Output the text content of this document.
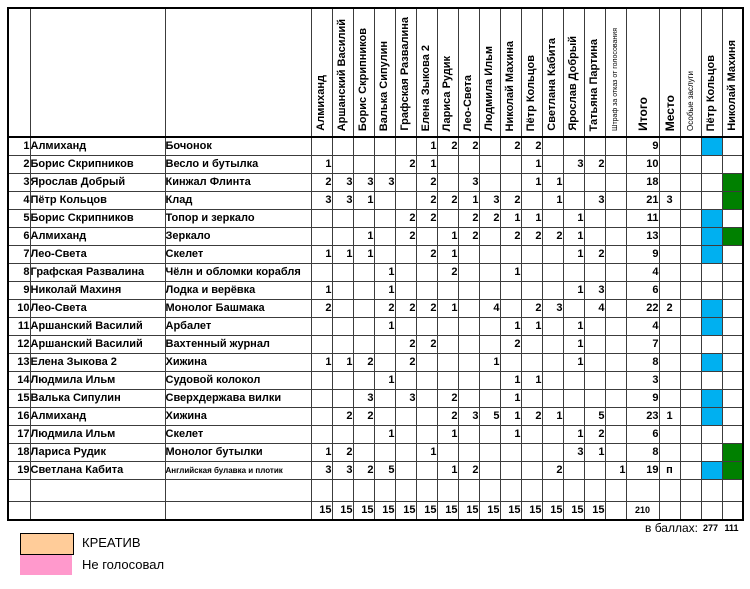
			Алмиханд	Аршанский Василий	Борис Скрипников	Валька Сипулин	Графская Развалина	Елена Зыкова 2	Лариса Рудик	Лео-Света	Людмила Ильм	Николай Махина	Пётр Кольцов	Светлана Кабита	Ярослав Добрый	Татьяна Партина	Штраф за отказ от голосования	Итого	Место	Особые заслуги	Пётр Кольцов	Николай Махиня
1	Алмиханд	Бочонок						1	2	2		2	2					9				
2	Борис Скрипников	Весло и бутылка	1				2	1					1		3	2		10				
3	Ярослав Добрый	Кинжал Флинта	2	3	3	3		2		3			1	1				18				
4	Пётр Кольцов	Клад	3	3	1			2	2	1	3	2		1		3		21	3			
5	Борис Скрипников	Топор и зеркало					2	2		2	2	1	1		1			11				
6	Алмиханд	Зеркало			1		2		1	2		2	2	2	1			13				
7	Лео-Света	Скелет	1	1	1			2	1						1	2		9				
8	Графская Развалина	Чёлн и обломки корабля				1			2			1						4				
9	Николай Махиня	Лодка и верёвка	1			1									1	3		6				
10	Лео-Света	Монолог Башмака	2			2	2	2	1		4		2	3		4		22	2			
11	Аршанский Василий	Арбалет				1						1	1		1			4				
12	Аршанский Василий	Вахтенный журнал					2	2				2			1			7				
13	Елена Зыкова 2	Хижина	1	1	2		2				1				1			8				
14	Людмила Ильм	Судовой колокол				1						1	1					3				
15	Валька Сипулин	Сверхдержава вилки			3		3		2			1						9				
16	Алмиханд	Хижина		2	2				2	3	5	1	2	1		5		23	1			
17	Людмила Ильм	Скелет				1			1			1			1	2		6				
18	Лариса Рудик	Монолог бутылки	1	2				1							3	1		8				
19	Светлана Кабита	Английская булавка и плотик	3	3	2	5			1	2				2			1	19	п			

			15	15	15	15	15	15	15	15	15	15	15	15	15	15		210				
в баллах: 277 111
КРЕАТИВ
Не голосовал
